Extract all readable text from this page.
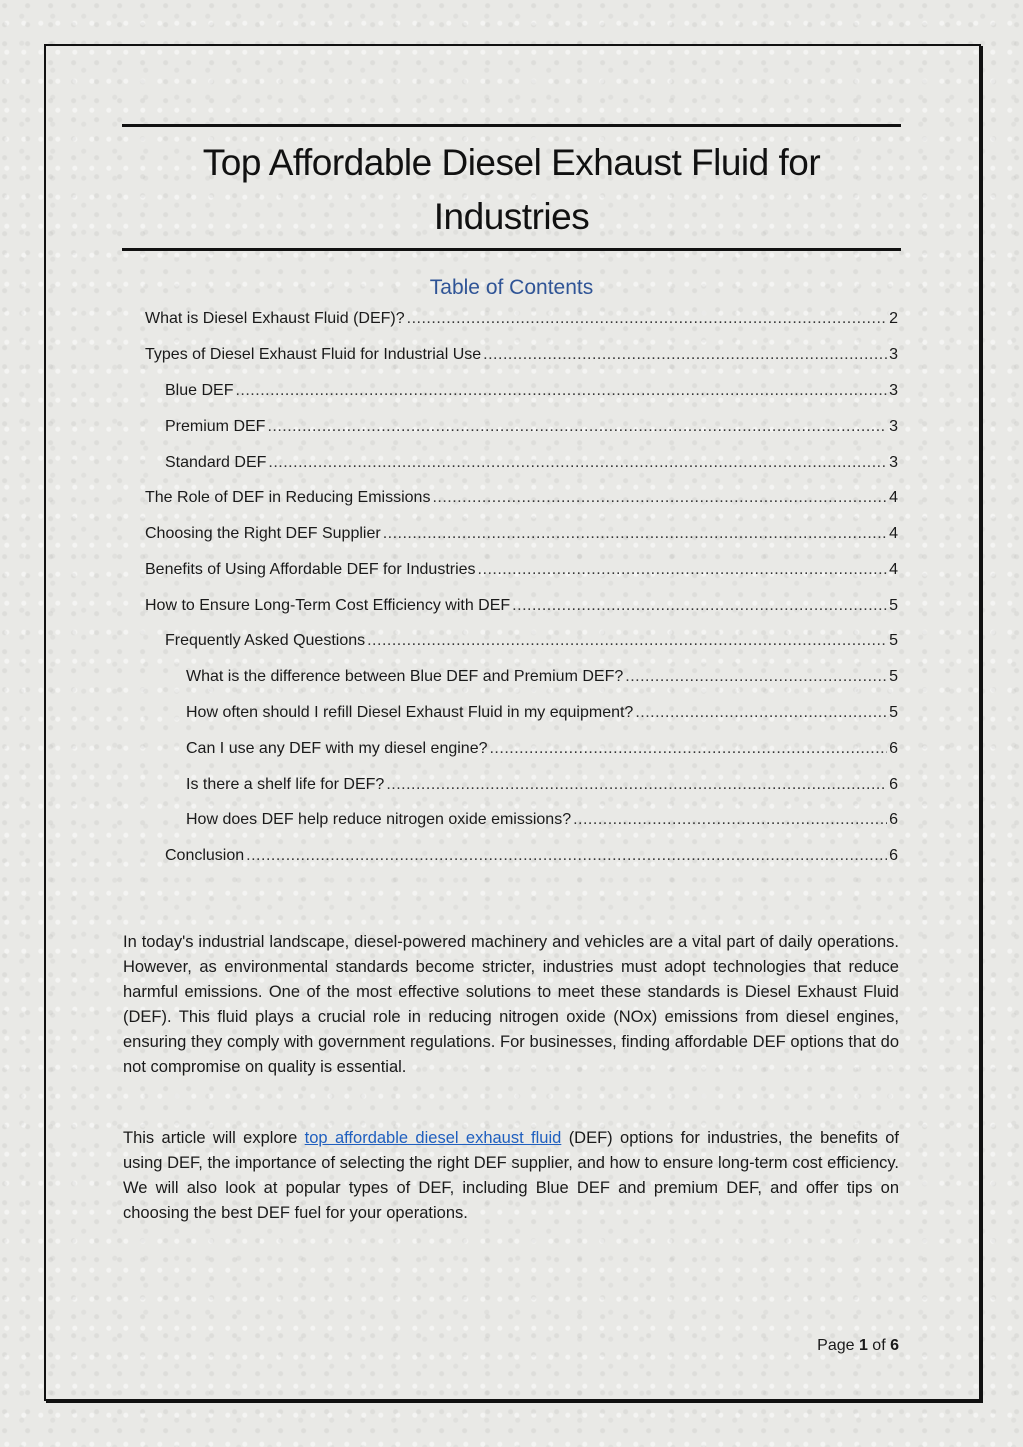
Top Affordable Diesel Exhaust Fluid for Industries
Table of Contents
What is Diesel Exhaust Fluid (DEF)? .....	2
Types of Diesel Exhaust Fluid for Industrial Use .....	3
Blue DEF .....	3
Premium DEF .....	3
Standard DEF .....	3
The Role of DEF in Reducing Emissions .....	4
Choosing the Right DEF Supplier .....	4
Benefits of Using Affordable DEF for Industries .....	4
How to Ensure Long-Term Cost Efficiency with DEF .....	5
Frequently Asked Questions .....	5
What is the difference between Blue DEF and Premium DEF? .....	5
How often should I refill Diesel Exhaust Fluid in my equipment? .....	5
Can I use any DEF with my diesel engine? .....	6
Is there a shelf life for DEF? .....	6
How does DEF help reduce nitrogen oxide emissions? .....	6
Conclusion .....	6

In today's industrial landscape, diesel-powered machinery and vehicles are a vital part of daily operations. However, as environmental standards become stricter, industries must adopt technologies that reduce harmful emissions. One of the most effective solutions to meet these standards is Diesel Exhaust Fluid (DEF). This fluid plays a crucial role in reducing nitrogen oxide (NOx) emissions from diesel engines, ensuring they comply with government regulations. For businesses, finding affordable DEF options that do not compromise on quality is essential.

This article will explore top affordable diesel exhaust fluid (DEF) options for industries, the benefits of using DEF, the importance of selecting the right DEF supplier, and how to ensure long-term cost efficiency. We will also look at popular types of DEF, including Blue DEF and premium DEF, and offer tips on choosing the best DEF fuel for your operations.

Page 1 of 6
